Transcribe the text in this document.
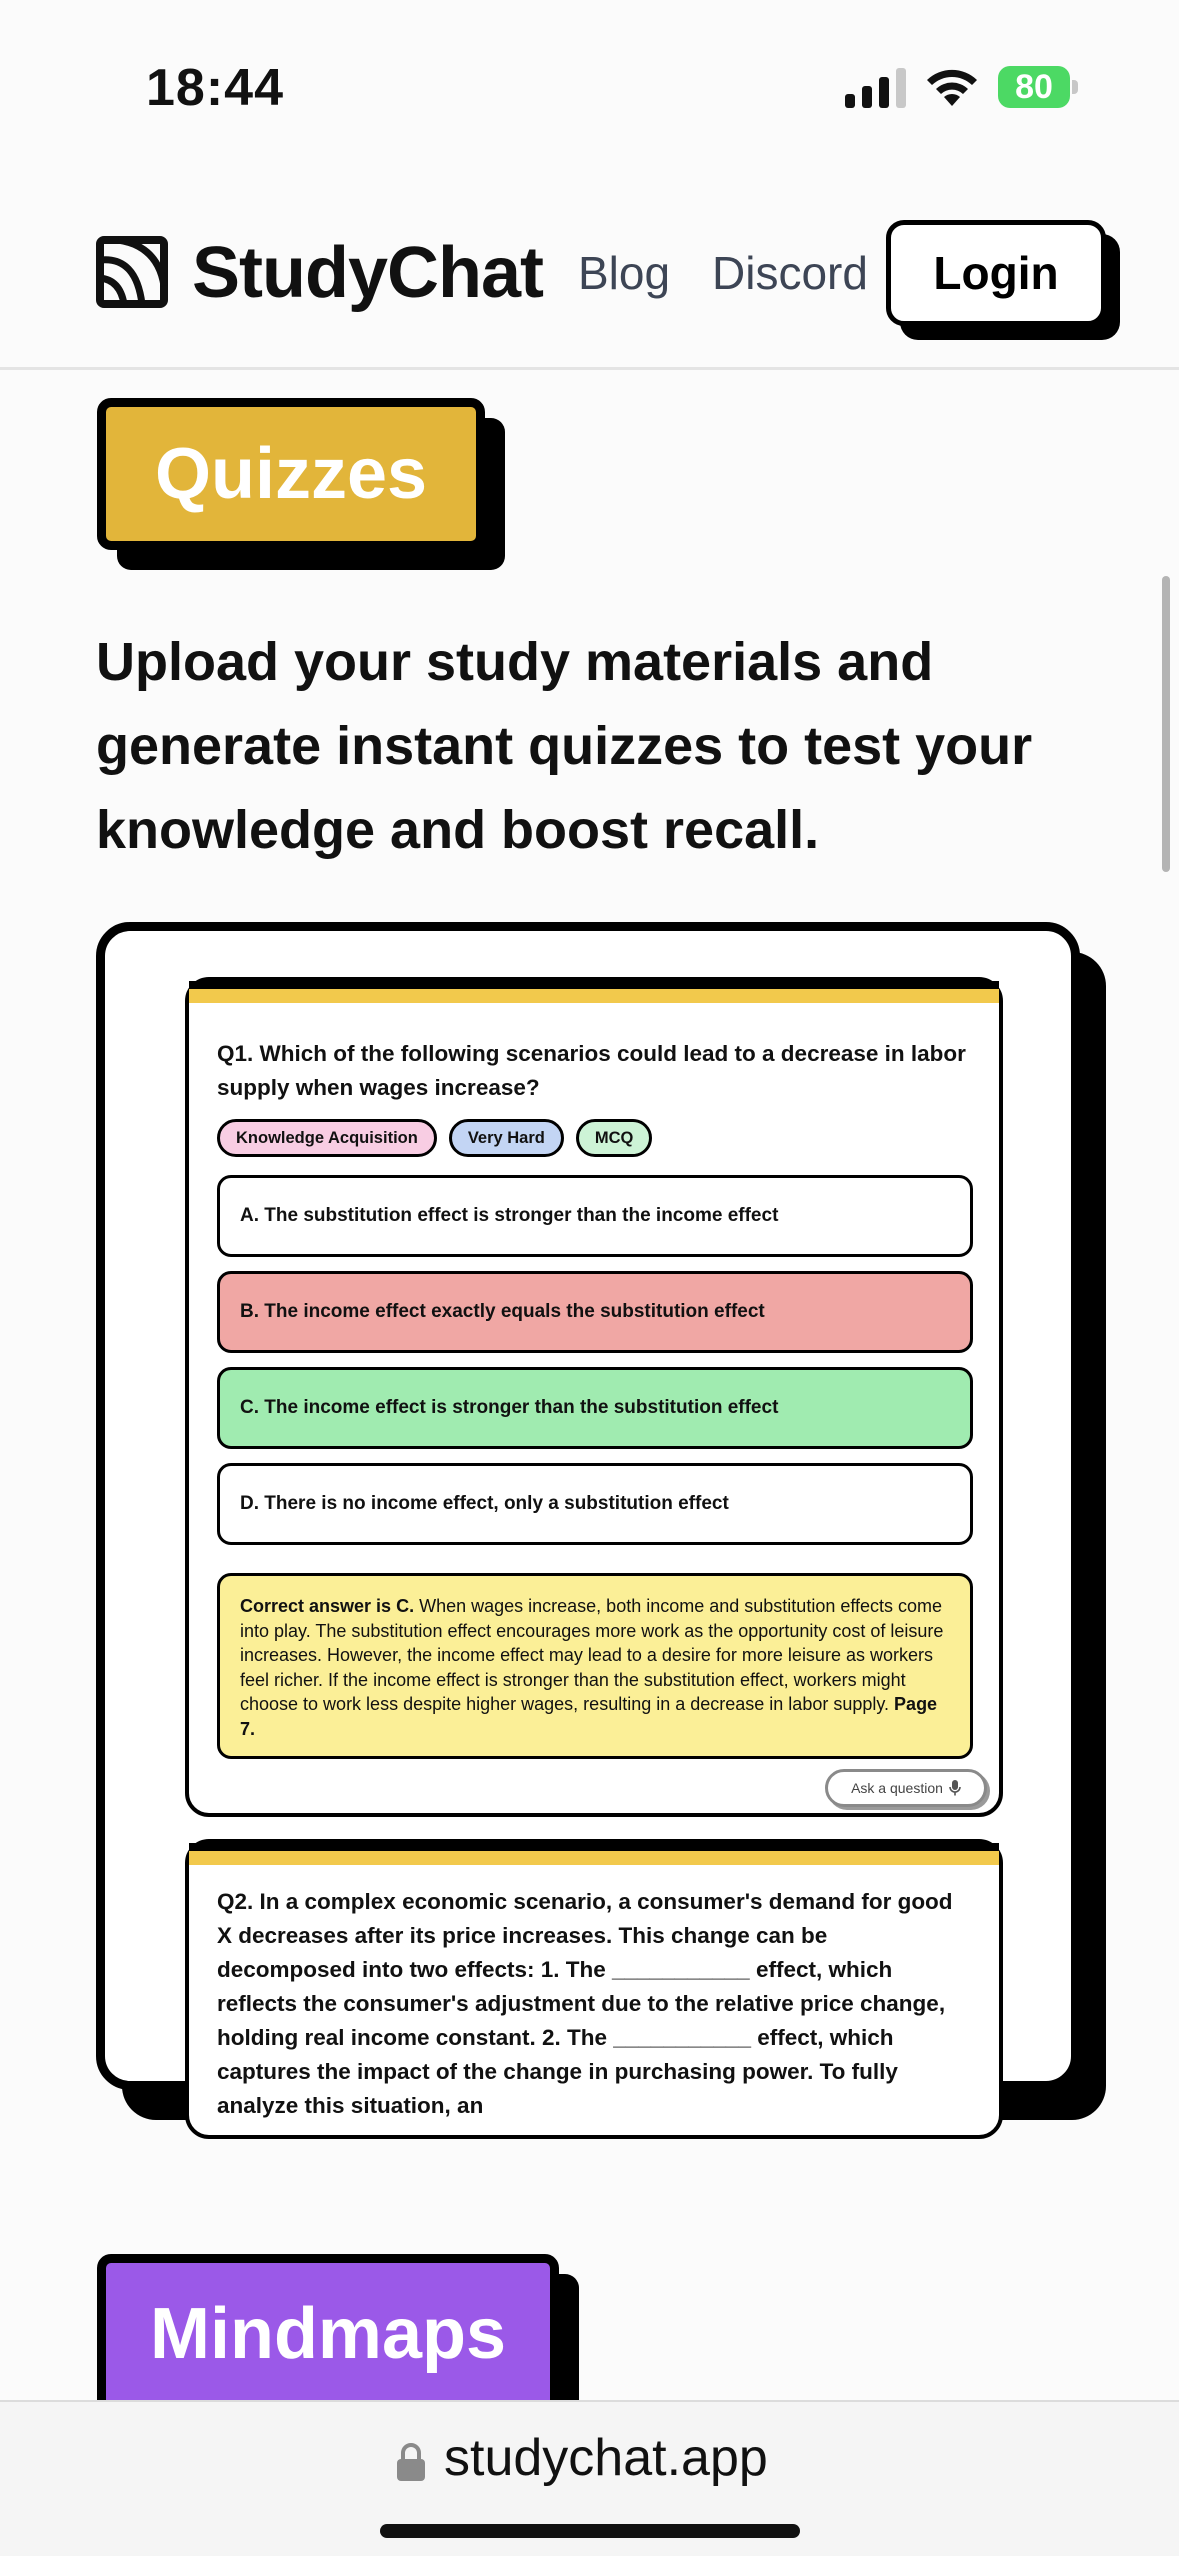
18:44	80
StudyChat Blog Discord	Login
Quizzes

Upload your study materials and generate instant quizzes to test your knowledge and boost recall.

Q1. Which of the following scenarios could lead to a decrease in labor supply when wages increase?
Knowledge Acquisition	Very Hard	MCQ
A. The substitution effect is stronger than the income effect
B. The income effect exactly equals the substitution effect
C. The income effect is stronger than the substitution effect
D. There is no income effect, only a substitution effect
Correct answer is C. When wages increase, both income and substitution effects come into play. The substitution effect encourages more work as the opportunity cost of leisure increases. However, the income effect may lead to a desire for more leisure as workers feel richer. If the income effect is stronger than the substitution effect, workers might choose to work less despite higher wages, resulting in a decrease in labor supply. Page 7.
Ask a question
Q2. In a complex economic scenario, a consumer's demand for good X decreases after its price increases. This change can be decomposed into two effects: 1. The ___________ effect, which reflects the consumer's adjustment due to the relative price change, holding real income constant. 2. The ___________ effect, which captures the impact of the change in purchasing power. To fully analyze this situation, an
Mindmaps
studychat.app
